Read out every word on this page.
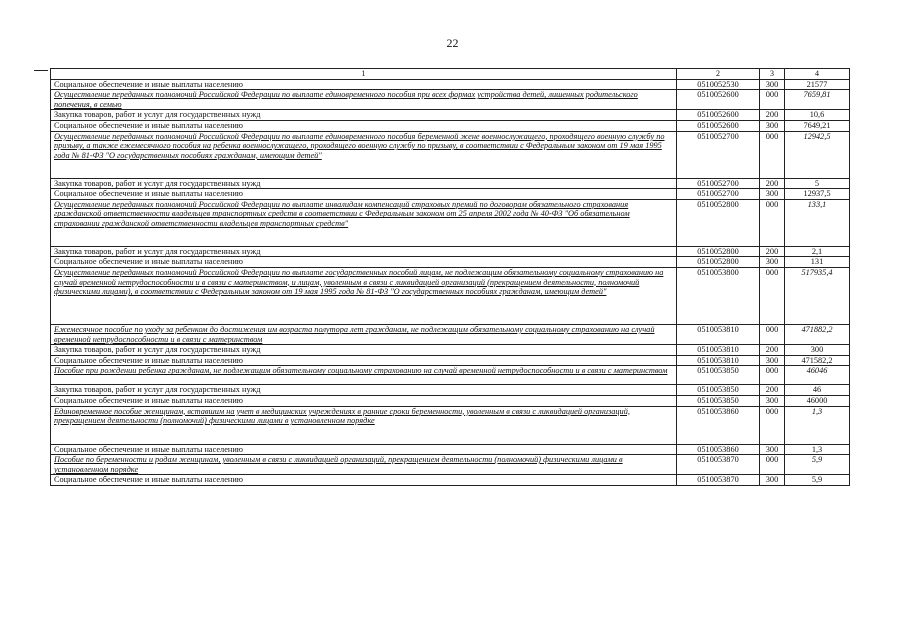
22
1	2	3	4
Социальное обеспечение и иные выплаты населению	0510052530	300	21577
Осуществление переданных полномочий Российской Федерации по выплате единовременного пособия при всех формах устройства детей, лишенных родительского попечения, в семью	0510052600	000	7659,81
Закупка товаров, работ и услуг для государственных нужд	0510052600	200	10,6
Социальное обеспечение и иные выплаты населению	0510052600	300	7649,21
Осуществление переданных полномочий Российской Федерации по выплате единовременного пособия беременной жене военнослужащего, проходящего военную службу по призыву, а также ежемесячного пособия на ребенка военнослужащего, проходящего военную службу по призыву, в соответствии с Федеральным законом от 19 мая 1995 года № 81-ФЗ "О государственных пособиях гражданам, имеющим детей"	0510052700	000	12942,5
Закупка товаров, работ и услуг для государственных нужд	0510052700	200	5
Социальное обеспечение и иные выплаты населению	0510052700	300	12937,5
Осуществление переданных полномочий Российской Федерации по выплате инвалидам компенсаций страховых премий по договорам обязательного страхования гражданской ответственности владельцев транспортных средств в соответствии с Федеральным законом от 25 апреля 2002 года № 40-ФЗ "Об обязательном страховании гражданской ответственности владельцев транспортных средств"	0510052800	000	133,1
Закупка товаров, работ и услуг для государственных нужд	0510052800	200	2,1
Социальное обеспечение и иные выплаты населению	0510052800	300	131
Осуществление переданных полномочий Российской Федерации по выплате государственных пособий лицам, не подлежащим обязательному социальному страхованию на случай временной нетрудоспособности и в связи с материнством, и лицам, уволенным в связи с ликвидацией организаций (прекращением деятельности, полномочий физическими лицами), в соответствии с Федеральным законом от 19 мая 1995 года № 81-ФЗ "О государственных пособиях гражданам, имеющим детей"	0510053800	000	517935,4
Ежемесячное пособие по уходу за ребенком до достижения им возраста полутора лет гражданам, не подлежащим обязательному социальному страхованию на случай временной нетрудоспособности и в связи с материнством	0510053810	000	471882,2
Закупка товаров, работ и услуг для государственных нужд	0510053810	200	300
Социальное обеспечение и иные выплаты населению	0510053810	300	471582,2
Пособие при рождении ребенка гражданам, не подлежащим обязательному социальному страхованию на случай временной нетрудоспособности и в связи с материнством	0510053850	000	46046
Закупка товаров, работ и услуг для государственных нужд	0510053850	200	46
Социальное обеспечение и иные выплаты населению	0510053850	300	46000
Единовременное пособие женщинам, вставшим на учет в медицинских учреждениях в ранние сроки беременности, уволенным в связи с ликвидацией организаций, прекращением деятельности (полномочий) физическими лицами в установленном порядке	0510053860	000	1,3
Социальное обеспечение и иные выплаты населению	0510053860	300	1,3
Пособие по беременности и родам женщинам, уволенным в связи с ликвидацией организаций, прекращением деятельности (полномочий) физическими лицами в установленном порядке	0510053870	000	5,9
Социальное обеспечение и иные выплаты населению	0510053870	300	5,9
